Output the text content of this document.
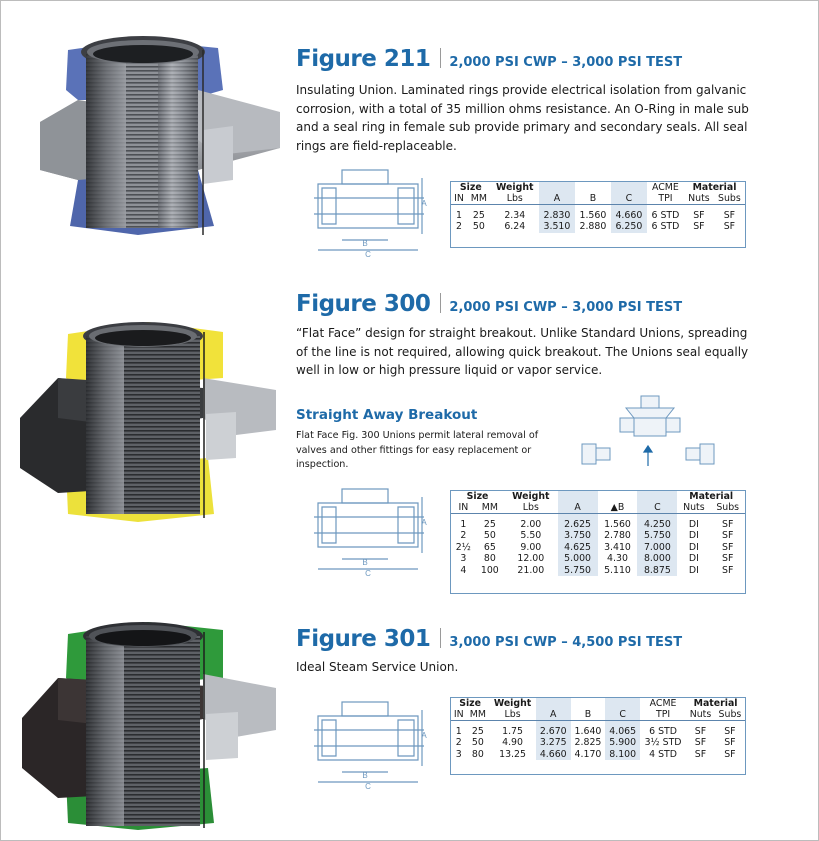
Figure 211 2,000 PSI CWP – 3,000 PSI TEST
Insulating Union. Laminated rings provide electrical isolation from galvanic corrosion, with a total of 35 million ohms resistance. An O-Ring in male sub and a seal ring in female sub provide primary and secondary seals. All seal rings are field-replaceable.
A
B
C
Size		Weight				ACME	Material	
IN	MM	Lbs	A	B	C	TPI	Nuts	Subs

1	25	2.34	2.830	1.560	4.660	6 STD	SF	SF
2	50	6.24	3.510	2.880	6.250	6 STD	SF	SF
Figure 300 2,000 PSI CWP – 3,000 PSI TEST
“Flat Face” design for straight breakout. Unlike Standard Unions, spreading of the line is not required, allowing quick breakout. The Unions seal equally well in low or high pressure liquid or vapor service.
Straight Away Breakout
Flat Face Fig. 300 Unions permit lateral removal of valves and other fittings for easy replacement or inspection.
A
B
C
Size		Weight				Material	
IN	MM	Lbs	A	▲B	C	Nuts	Subs

1	25	2.00	2.625	1.560	4.250	DI	SF
2	50	5.50	3.750	2.780	5.750	DI	SF
2½	65	9.00	4.625	3.410	7.000	DI	SF
3	80	12.00	5.000	4.30	8.000	DI	SF
4	100	21.00	5.750	5.110	8.875	DI	SF
Figure 301 3,000 PSI CWP – 4,500 PSI TEST
Ideal Steam Service Union.
A
B
C
Size		Weight				ACME	Material	
IN	MM	Lbs	A	B	C	TPI	Nuts	Subs

1	25	1.75	2.670	1.640	4.065	6 STD	SF	SF
2	50	4.90	3.275	2.825	5.900	3½ STD	SF	SF
3	80	13.25	4.660	4.170	8.100	4 STD	SF	SF
